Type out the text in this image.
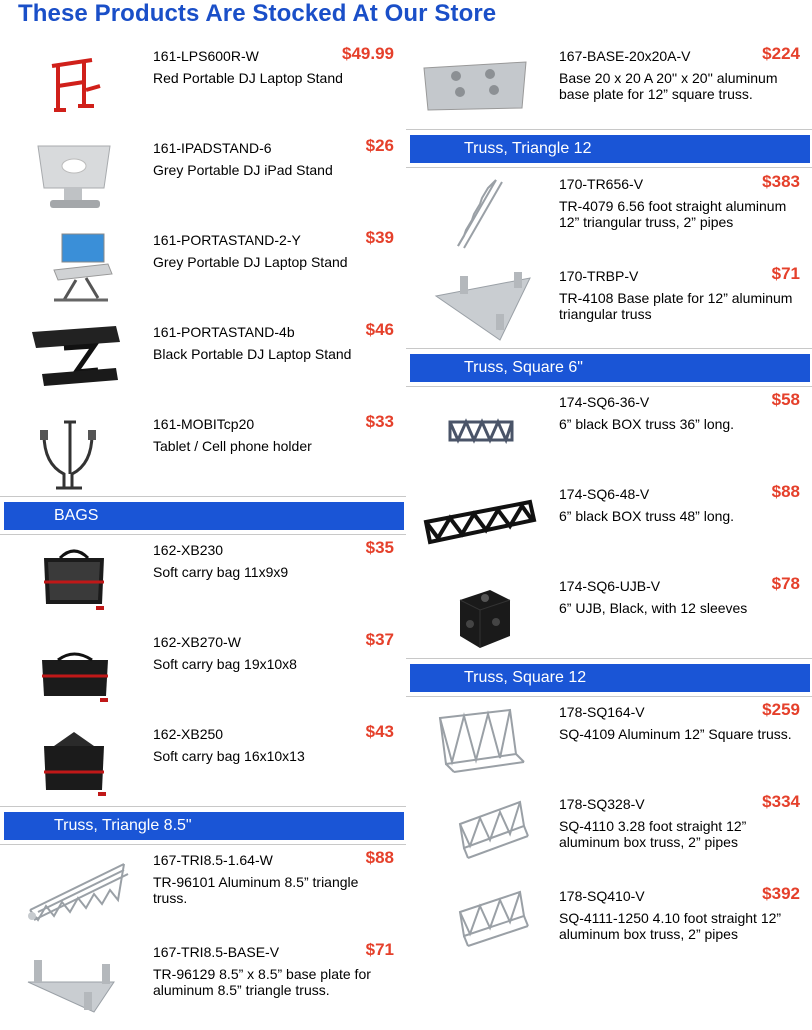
These Products Are Stocked At Our Store
161-LPS600R-W	$49.99
Red Portable DJ Laptop Stand
161-IPADSTAND-6	$26
Grey Portable DJ iPad Stand
161-PORTASTAND-2-Y	$39
Grey Portable DJ Laptop Stand
161-PORTASTAND-4b	$46
Black Portable DJ Laptop Stand
161-MOBITcp20	$33
Tablet / Cell phone holder
BAGS
162-XB230	$35
Soft carry bag 11x9x9
162-XB270-W	$37
Soft carry bag 19x10x8
162-XB250	$43
Soft carry bag 16x10x13
Truss, Triangle 8.5"
167-TRI8.5-1.64-W	$88
TR-96101 Aluminum 8.5” triangle truss.
167-TRI8.5-BASE-V	$71
TR-96129 8.5” x 8.5” base plate for aluminum 8.5” triangle truss.
167-BASE-20x20A-V	$224
Base 20 x 20 A 20'' x 20'' aluminum base plate for 12” square truss.
Truss, Triangle 12
170-TR656-V	$383
TR-4079 6.56 foot straight aluminum 12” triangular truss, 2” pipes
170-TRBP-V	$71
TR-4108 Base plate for 12” aluminum triangular truss
Truss, Square 6"
174-SQ6-36-V	$58
6” black BOX truss 36” long.
174-SQ6-48-V	$88
6” black BOX truss 48” long.
174-SQ6-UJB-V	$78
6” UJB, Black, with 12 sleeves
Truss, Square 12
178-SQ164-V	$259
SQ-4109 Aluminum 12” Square truss.
178-SQ328-V	$334
SQ-4110 3.28 foot straight 12” aluminum box truss, 2” pipes
178-SQ410-V	$392
SQ-4111-1250 4.10 foot straight 12” aluminum box truss, 2” pipes
